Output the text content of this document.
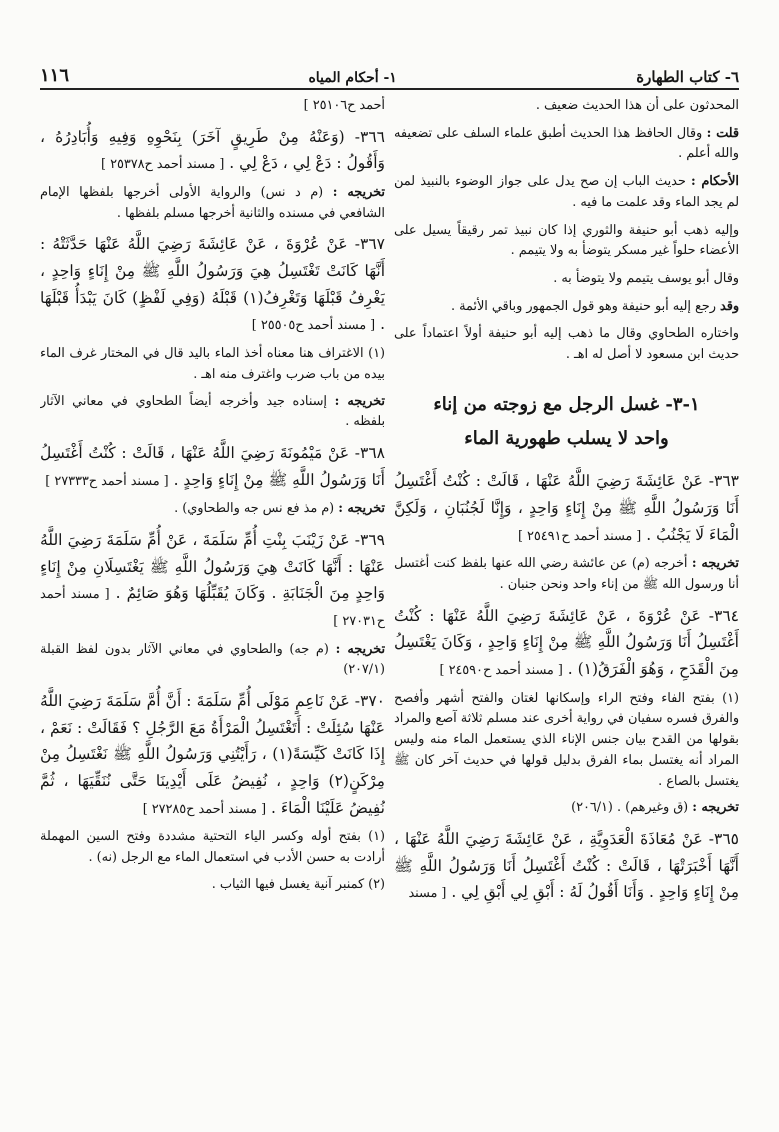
٦- كتاب الطهارة
١- أحكام المياه
١١٦

المحدثون على أن هذا الحديث ضعيف .

قلت : وقال الحافظ هذا الحديث أطبق علماء السلف على تضعيفه والله أعلم .

الأحكام : حديث الباب إن صح يدل على جواز الوضوء بالنبيذ لمن لم يجد الماء وقد علمت ما فيه .

وإليه ذهب أبو حنيفة والثوري إذا كان نبيذ تمر رقيقاً يسيل على الأعضاء حلواً غير مسكر يتوضأ به ولا يتيمم .

وقال أبو يوسف يتيمم ولا يتوضأ به .

وقد رجع إليه أبو حنيفة وهو قول الجمهور وباقي الأئمة .

واختاره الطحاوي وقال ما ذهب إليه أبو حنيفة أولاً اعتماداً على حديث ابن مسعود لا أصل له اهـ .

١-٣- غسل الرجل مع زوجته من إناء
واحد لا يسلب طهورية الماء

٣٦٣- عَنْ عَائِشَةَ رَضِيَ اللَّهُ عَنْهَا ، قَالَتْ : كُنْتُ أَغْتَسِلُ أَنَا وَرَسُولُ اللَّهِ ﷺ مِنْ إِنَاءٍ وَاحِدٍ ، وَإِنَّا لَجُنُبَانِ ، وَلَكِنَّ الْمَاءَ لَا يَجْنُبُ . [ مسند أحمد ح٢٥٤٩١ ]

تخريجه : أخرجه (م) عن عائشة رضي الله عنها بلفظ كنت أغتسل أنا ورسول الله ﷺ من إناء واحد ونحن جنبان .

٣٦٤- عَنْ عُرْوَةَ ، عَنْ عَائِشَةَ رَضِيَ اللَّهُ عَنْهَا : كُنْتُ أَغْتَسِلُ أَنَا وَرَسُولُ اللَّهِ ﷺ مِنْ إِنَاءٍ وَاحِدٍ ، وَكَانَ يَغْتَسِلُ مِنَ الْقَدَحِ ، وَهُوَ الْفَرَقُ(١) . [ مسند أحمد ح٢٤٥٩٠ ]

(١) بفتح الفاء وفتح الراء وإسكانها لغتان والفتح أشهر وأفصح والفرق فسره سفيان في رواية أخرى عند مسلم ثلاثة آصع والمراد بقولها من القدح بيان جنس الإناء الذي يستعمل الماء منه وليس المراد أنه يغتسل بماء الفرق بدليل قولها في حديث آخر كان ﷺ يغتسل بالصاع .

تخريجه : (ق وغيرهم) . (٢٠٦/١)

٣٦٥- عَنْ مُعَاذَةَ الْعَدَوِيَّةِ ، عَنْ عَائِشَةَ رَضِيَ اللَّهُ عَنْهَا ، أَنَّهَا أَخْبَرَتْهَا ، قَالَتْ : كُنْتُ أَغْتَسِلُ أَنَا وَرَسُولُ اللَّهِ ﷺ مِنْ إِنَاءٍ وَاحِدٍ . وَأَنَا أَقُولُ لَهُ : أَبْقِ لِي أَبْقِ لِي . [ مسند

أحمد ح٢٥١٠٦ ]

٣٦٦- (وَعَنْهُ مِنْ طَرِيقٍ آخَرَ) بِنَحْوِهِ وَفِيهِ وَأُبَادِرُهُ ، وَأَقُولُ : دَعْ لِي ، دَعْ لِي . [ مسند أحمد ح٢٥٣٧٨ ]

تخريجه : (م د نس) والرواية الأولى أخرجها بلفظها الإمام الشافعي في مسنده والثانية أخرجها مسلم بلفظها .

٣٦٧- عَنْ عُرْوَةَ ، عَنْ عَائِشَةَ رَضِيَ اللَّهُ عَنْهَا حَدَّثَتْهُ : أَنَّهَا كَانَتْ تَغْتَسِلُ هِيَ وَرَسُولُ اللَّهِ ﷺ مِنْ إِنَاءٍ وَاحِدٍ ، يَغْرِفُ قَبْلَهَا وَتَغْرِفُ(١) قَبْلَهُ (وَفِي لَفْظٍ) كَانَ يَبْدَأُ قَبْلَهَا . [ مسند أحمد ح٢٥٥٠٥ ]

(١) الاغتراف هنا معناه أخذ الماء باليد قال في المختار غرف الماء بيده من باب ضرب واغترف منه اهـ .

تخريجه : إسناده جيد وأخرجه أيضاً الطحاوي في معاني الآثار بلفظه .

٣٦٨- عَنْ مَيْمُونَةَ رَضِيَ اللَّهُ عَنْهَا ، قَالَتْ : كُنْتُ أَغْتَسِلُ أَنَا وَرَسُولُ اللَّهِ ﷺ مِنْ إِنَاءٍ وَاحِدٍ . [ مسند أحمد ح٢٧٣٣٣ ]

تخريجه : (م مذ فع نس جه والطحاوي) .

٣٦٩- عَنْ زَيْنَبَ بِنْتِ أُمِّ سَلَمَةَ ، عَنْ أُمِّ سَلَمَةَ رَضِيَ اللَّهُ عَنْهَا : أَنَّهَا كَانَتْ هِيَ وَرَسُولُ اللَّهِ ﷺ يَغْتَسِلَانِ مِنْ إِنَاءٍ وَاحِدٍ مِنَ الْجَنَابَةِ . وَكَانَ يُقَبِّلُهَا وَهُوَ صَائِمٌ . [ مسند أحمد ح٢٧٠٣١ ]

تخريجه : (م جه) والطحاوي في معاني الآثار بدون لفظ القبلة (٢٠٧/١)

٣٧٠- عَنْ نَاعِمٍ مَوْلَى أُمِّ سَلَمَةَ : أَنَّ أُمَّ سَلَمَةَ رَضِيَ اللَّهُ عَنْهَا سُئِلَتْ : أَتَغْتَسِلُ الْمَرْأَةُ مَعَ الرَّجُلِ ؟ فَقَالَتْ : نَعَمْ ، إِذَا كَانَتْ كَيِّسَةً(١) ، رَأَيْتُنِي وَرَسُولُ اللَّهِ ﷺ نَغْتَسِلُ مِنْ مِرْكَنٍ(٢) وَاحِدٍ ، نُفِيضُ عَلَى أَيْدِينَا حَتَّى نُنَقِّيَهَا ، ثُمَّ نُفِيضُ عَلَيْنَا الْمَاءَ . [ مسند أحمد ح٢٧٢٨٥ ]

(١) بفتح أوله وكسر الياء التحتية مشددة وفتح السين المهملة أرادت به حسن الأدب في استعمال الماء مع الرجل (نه) .

(٢) كمنبر آنية يغسل فيها الثياب .
